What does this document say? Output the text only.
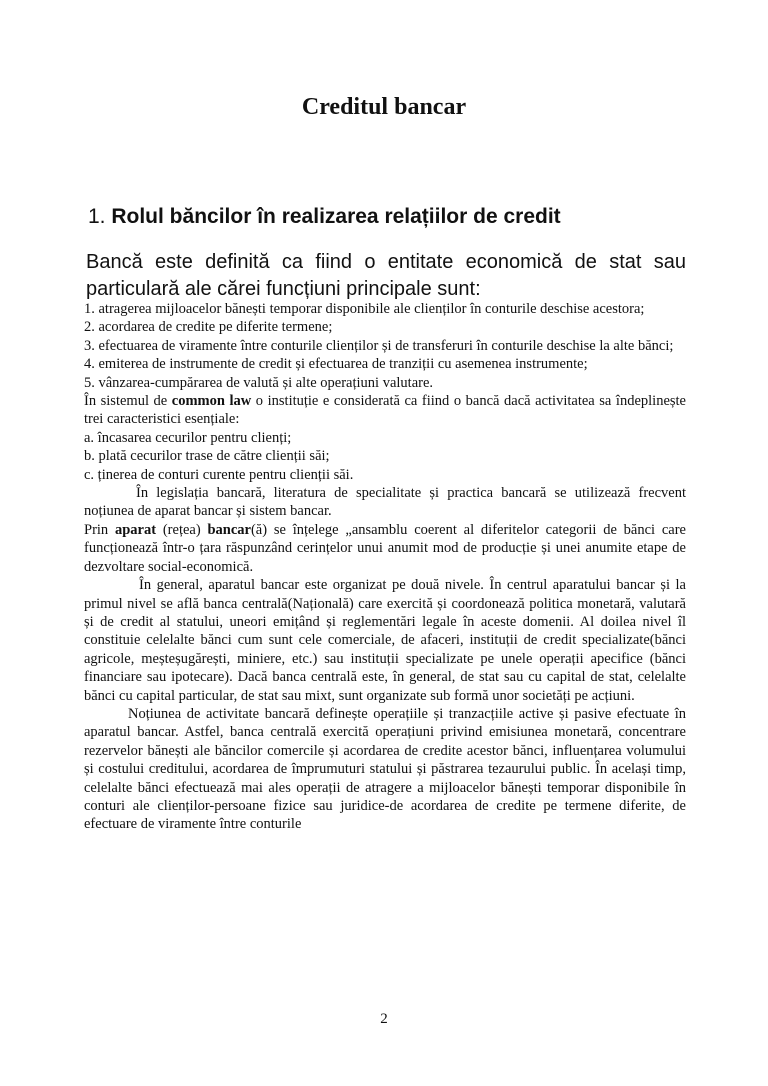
Creditul bancar
1. Rolul băncilor în realizarea relațiilor de credit
Bancă este definită ca fiind o entitate economică de stat sau particulară ale cărei funcțiuni principale sunt:

1. atragerea mijloacelor bănești temporar disponibile ale clienților în conturile deschise acestora;

2. acordarea de credite pe diferite termene;

3. efectuarea de viramente între conturile clienților și de transferuri în conturile deschise la alte bănci;

4. emiterea de instrumente de credit și efectuarea de tranziții cu asemenea instrumente;

5. vânzarea-cumpărarea de valută și alte operațiuni valutare.

În sistemul de common law o instituție e considerată ca fiind o bancă dacă activitatea sa îndeplinește trei caracteristici esențiale:

a. încasarea cecurilor pentru clienți;

b. plată cecurilor trase de către clienții săi;

c. ținerea de conturi curente pentru clienții săi.

În legislația bancară, literatura de specialitate și practica bancară se utilizează frecvent noțiunea de aparat bancar și sistem bancar.

Prin aparat (rețea) bancar(ă) se înțelege „ansamblu coerent al diferitelor categorii de bănci care funcționează într-o țara răspunzând cerințelor unui anumit mod de producție și unei anumite etape de dezvoltare social-economică.

În general, aparatul bancar este organizat pe două nivele. În centrul aparatului bancar și la primul nivel se află banca centrală(Națională) care exercită și coordonează politica monetară, valutară și de credit al statului, uneori emițând și reglementări legale în aceste domenii. Al doilea nivel îl constituie celelalte bănci cum sunt cele comerciale, de afaceri, instituții de credit specializate(bănci agricole, meșteșugărești, miniere, etc.) sau instituții specializate pe unele operații apecifice (bănci financiare sau ipotecare). Dacă banca centrală este, în general, de stat sau cu capital de stat, celelalte bănci cu capital particular, de stat sau mixt, sunt organizate sub formă unor societăți pe acțiuni.

Noțiunea de activitate bancară definește operațiile și tranzacțiile active și pasive efectuate în aparatul bancar. Astfel, banca centrală exercită operațiuni privind emisiunea monetară, concentrare rezervelor bănești ale băncilor comercile și acordarea de credite acestor bănci, influențarea volumului și costului creditului, acordarea de împrumuturi statului și păstrarea tezaurului public. În același timp, celelalte bănci efectuează mai ales operații de atragere a mijloacelor bănești temporar disponibile în conturi ale clienților-persoane fizice sau juridice-de acordarea de credite pe termene diferite, de efectuare de viramente între conturile

2
